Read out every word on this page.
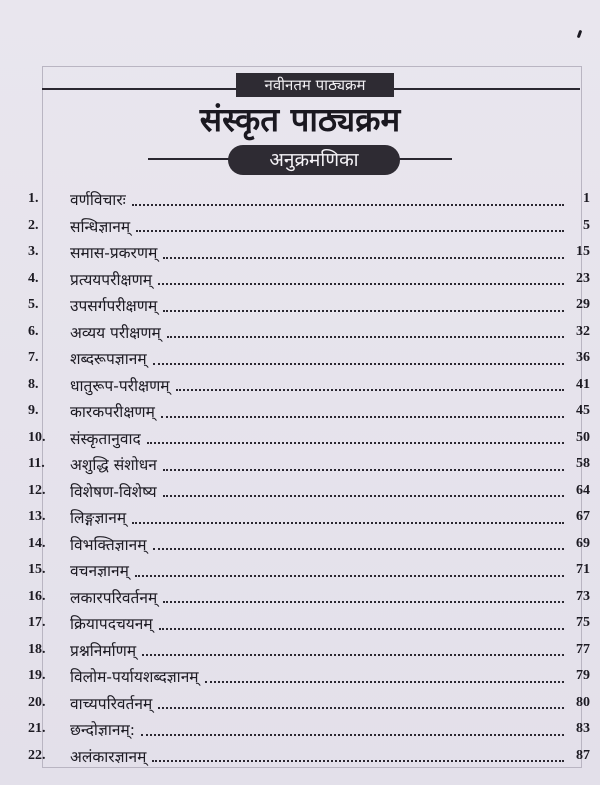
नवीनतम पाठ्यक्रम
संस्कृत पाठ्यक्रम
अनुक्रमणिका
1.	वर्णविचारः	1
2.	सन्धिज्ञानम्	5
3.	समास-प्रकरणम्	15
4.	प्रत्ययपरीक्षणम्	23
5.	उपसर्गपरीक्षणम्	29
6.	अव्यय परीक्षणम्	32
7.	शब्दरूपज्ञानम्	36
8.	धातुरूप-परीक्षणम्	41
9.	कारकपरीक्षणम्	45
10.	संस्कृतानुवाद	50
11.	अशुद्धि संशोधन	58
12.	विशेषण-विशेष्य	64
13.	लिङ्गज्ञानम्	67
14.	विभक्तिज्ञानम्	69
15.	वचनज्ञानम्	71
16.	लकारपरिवर्तनम्	73
17.	क्रियापदचयनम्	75
18.	प्रश्ननिर्माणम्	77
19.	विलोम-पर्यायशब्दज्ञानम्	79
20.	वाच्यपरिवर्तनम्	80
21.	छन्दोज्ञानम्:	83
22.	अलंकारज्ञानम्	87
